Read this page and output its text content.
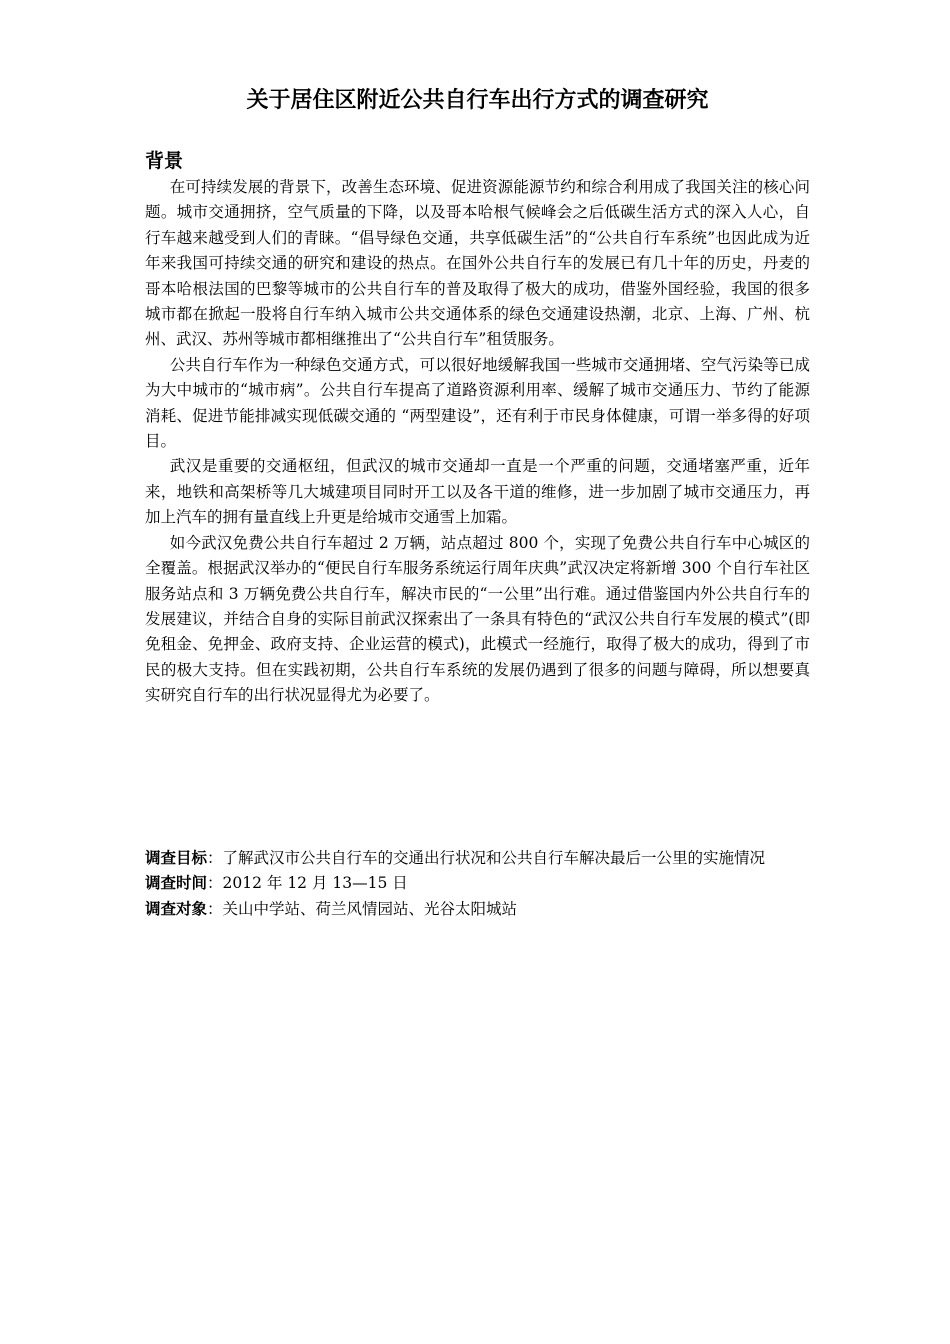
关于居住区附近公共自行车出行方式的调查研究
背景

在可持续发展的背景下，改善生态环境、促进资源能源节约和综合利用成了我国关注的核心问题。城市交通拥挤，空气质量的下降，以及哥本哈根气候峰会之后低碳生活方式的深入人心，自行车越来越受到人们的青睐。“倡导绿色交通，共享低碳生活”的“公共自行车系统”也因此成为近年来我国可持续交通的研究和建设的热点。在国外公共自行车的发展已有几十年的历史，丹麦的哥本哈根法国的巴黎等城市的公共自行车的普及取得了极大的成功，借鉴外国经验，我国的很多城市都在掀起一股将自行车纳入城市公共交通体系的绿色交通建设热潮，北京、上海、广州、杭州、武汉、苏州等城市都相继推出了“公共自行车”租赁服务。

公共自行车作为一种绿色交通方式，可以很好地缓解我国一些城市交通拥堵、空气污染等已成为大中城市的“城市病”。公共自行车提高了道路资源利用率、缓解了城市交通压力、节约了能源消耗、促进节能排减实现低碳交通的 “两型建设”，还有利于市民身体健康，可谓一举多得的好项目。

武汉是重要的交通枢纽，但武汉的城市交通却一直是一个严重的问题，交通堵塞严重，近年来，地铁和高架桥等几大城建项目同时开工以及各干道的维修，进一步加剧了城市交通压力，再加上汽车的拥有量直线上升更是给城市交通雪上加霜。

如今武汉免费公共自行车超过 2 万辆，站点超过 800 个，实现了免费公共自行车中心城区的全覆盖。根据武汉举办的“便民自行车服务系统运行周年庆典”武汉决定将新增 300 个自行车社区服务站点和 3 万辆免费公共自行车，解决市民的“一公里”出行难。通过借鉴国内外公共自行车的发展建议，并结合自身的实际目前武汉探索出了一条具有特色的“武汉公共自行车发展的模式”(即免租金、免押金、政府支持、企业运营的模式)，此模式一经施行，取得了极大的成功，得到了市民的极大支持。但在实践初期，公共自行车系统的发展仍遇到了很多的问题与障碍，所以想要真实研究自行车的出行状况显得尤为必要了。

调查目标：了解武汉市公共自行车的交通出行状况和公共自行车解决最后一公里的实施情况

调查时间：2012 年 12 月 13—15 日

调查对象：关山中学站、荷兰风情园站、光谷太阳城站
